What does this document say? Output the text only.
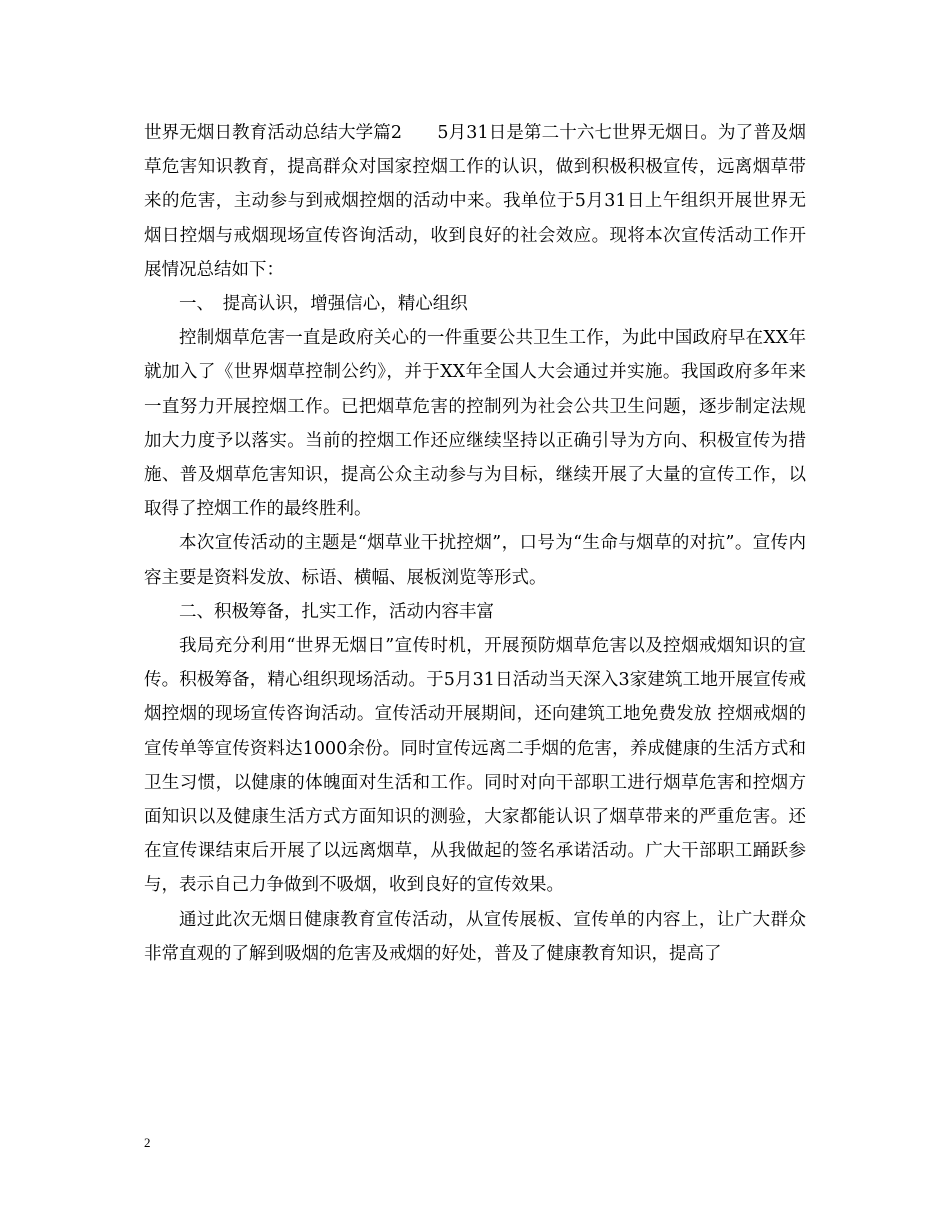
世界无烟日教育活动总结大学篇2　　5月31日是第二十六七世界无烟日。为了普及烟草危害知识教育，提高群众对国家控烟工作的认识，做到积极积极宣传，远离烟草带来的危害，主动参与到戒烟控烟的活动中来。我单位于5月31日上午组织开展世界无烟日控烟与戒烟现场宣传咨询活动，收到良好的社会效应。现将本次宣传活动工作开展情况总结如下：

一、　提高认识，增强信心，精心组织

控制烟草危害一直是政府关心的一件重要公共卫生工作，为此中国政府早在XX年就加入了《世界烟草控制公约》，并于XX年全国人大会通过并实施。我国政府多年来一直努力开展控烟工作。已把烟草危害的控制列为社会公共卫生问题，逐步制定法规加大力度予以落实。当前的控烟工作还应继续坚持以正确引导为方向、积极宣传为措施、普及烟草危害知识，提高公众主动参与为目标，继续开展了大量的宣传工作，以取得了控烟工作的最终胜利。

本次宣传活动的主题是“烟草业干扰控烟”，口号为“生命与烟草的对抗”。宣传内容主要是资料发放、标语、横幅、展板浏览等形式。

二、积极筹备，扎实工作，活动内容丰富

我局充分利用“世界无烟日”宣传时机，开展预防烟草危害以及控烟戒烟知识的宣传。积极筹备，精心组织现场活动。于5月31日活动当天深入3家建筑工地开展宣传戒烟控烟的现场宣传咨询活动。宣传活动开展期间，还向建筑工地免费发放 控烟戒烟的宣传单等宣传资料达1000余份。同时宣传远离二手烟的危害，养成健康的生活方式和卫生习惯，以健康的体魄面对生活和工作。同时对向干部职工进行烟草危害和控烟方面知识以及健康生活方式方面知识的测验，大家都能认识了烟草带来的严重危害。还在宣传课结束后开展了以远离烟草，从我做起的签名承诺活动。广大干部职工踊跃参与，表示自己力争做到不吸烟，收到良好的宣传效果。

通过此次无烟日健康教育宣传活动，从宣传展板、宣传单的内容上，让广大群众非常直观的了解到吸烟的危害及戒烟的好处，普及了健康教育知识，提高了

2
